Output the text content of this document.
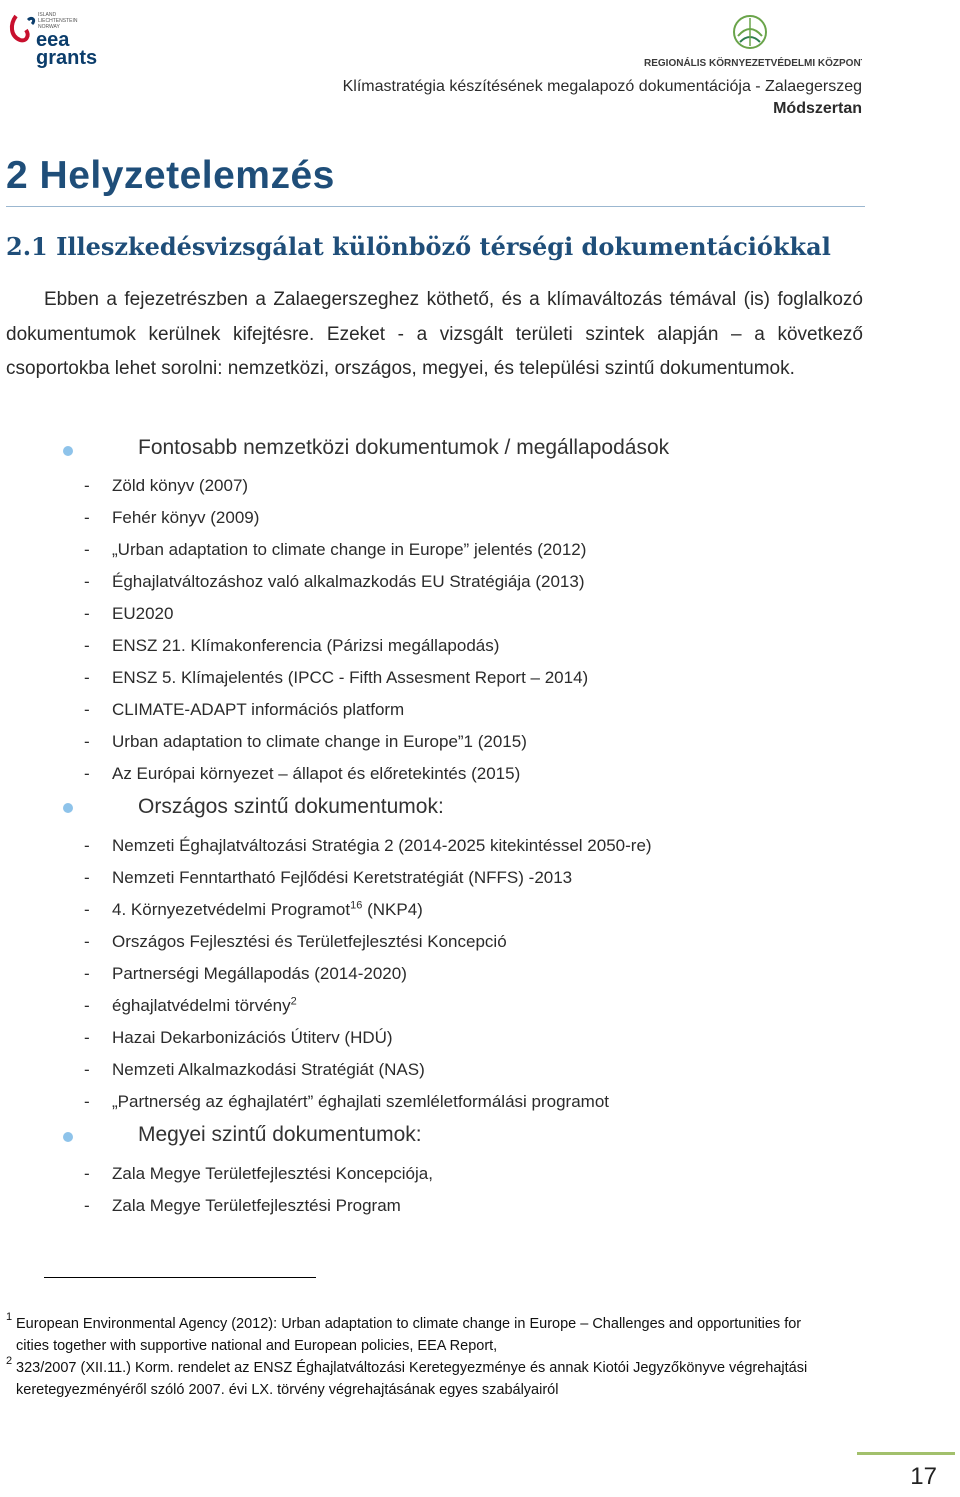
ISLAND
LIECHTENSTEIN
NORWAY
eea
grants	REGIONÁLIS KÖRNYEZETVÉDELMI KÖZPONT
Klímastratégia készítésének megalapozó dokumentációja - Zalaegerszeg
Módszertan
2 Helyzetelemzés
2.1 Illeszkedésvizsgálat különböző térségi dokumentációkkal

Ebben a fejezetrészben a Zalaegerszeghez köthető, és a klímaváltozás témával (is) foglalkozó dokumentumok kerülnek kifejtésre. Ezeket - a vizsgált területi szintek alapján – a következő csoportokba lehet sorolni: nemzetközi, országos, megyei, és települési szintű dokumentumok.

Fontosabb nemzetközi dokumentumok / megállapodások
- Zöld könyv (2007)
- Fehér könyv (2009)
- „Urban adaptation to climate change in Europe” jelentés (2012)
- Éghajlatváltozáshoz való alkalmazkodás EU Stratégiája (2013)
- EU2020
- ENSZ 21. Klímakonferencia (Párizsi megállapodás)
- ENSZ 5. Klímajelentés (IPCC - Fifth Assesment Report – 2014)
- CLIMATE-ADAPT információs platform
- Urban adaptation to climate change in Europe”1 (2015)
- Az Európai környezet – állapot és előretekintés (2015)
Országos szintű dokumentumok:
- Nemzeti Éghajlatváltozási Stratégia 2 (2014-2025 kitekintéssel 2050-re)
- Nemzeti Fenntartható Fejlődési Keretstratégiát (NFFS) -2013
- 4. Környezetvédelmi Programot$^{16}$ (NKP4)
- Országos Fejlesztési és Területfejlesztési Koncepció
- Partnerségi Megállapodás (2014-2020)
- éghajlatvédelmi törvény$^2$
- Hazai Dekarbonizációs Útiterv (HDÚ)
- Nemzeti Alkalmazkodási Stratégiát (NAS)
- „Partnerség az éghajlatért” éghajlati szemléletformálási programot
Megyei szintű dokumentumok:
- Zala Megye Területfejlesztési Koncepciója,
- Zala Megye Területfejlesztési Program
1 European Environmental Agency (2012): Urban adaptation to climate change in Europe – Challenges and opportunities for
cities together with supportive national and European policies, EEA Report,
2 323/2007 (XII.11.) Korm. rendelet az ENSZ Éghajlatváltozási Keretegyezménye és annak Kiotói Jegyzőkönyve végrehajtási
keretegyezményéről szóló 2007. évi LX. törvény végrehajtásának egyes szabályairól
17
